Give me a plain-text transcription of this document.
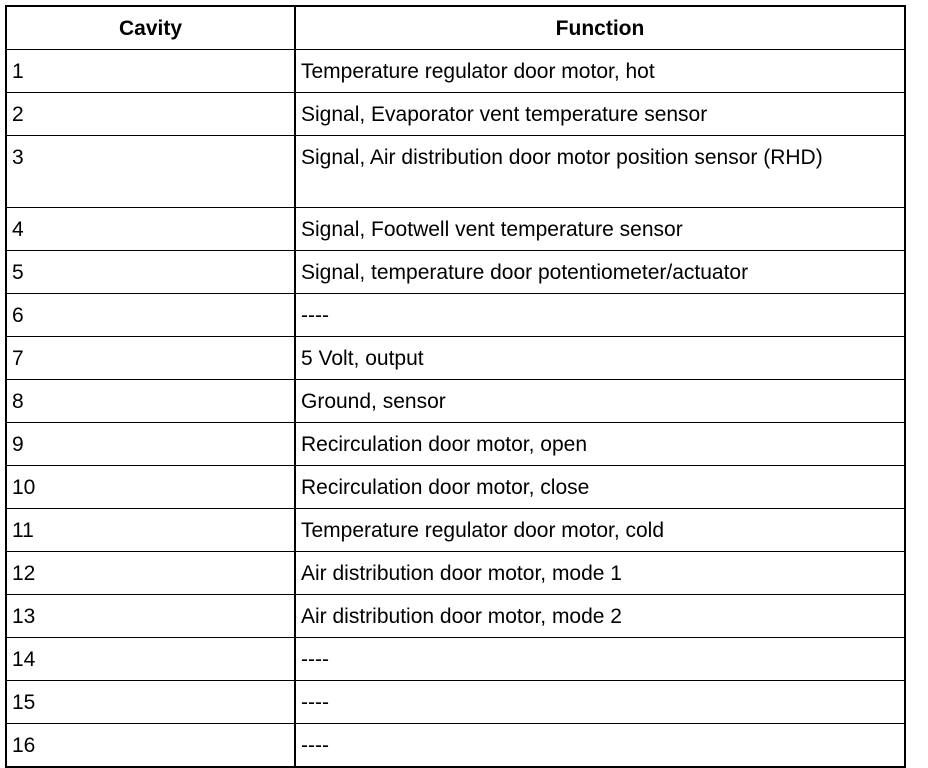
Cavity	Function
1	Temperature regulator door motor, hot
2	Signal, Evaporator vent temperature sensor
3	Signal, Air distribution door motor position sensor (RHD)
4	Signal, Footwell vent temperature sensor
5	Signal, temperature door potentiometer/actuator
6	----
7	5 Volt, output
8	Ground, sensor
9	Recirculation door motor, open
10	Recirculation door motor, close
11	Temperature regulator door motor, cold
12	Air distribution door motor, mode 1
13	Air distribution door motor, mode 2
14	----
15	----
16	----
